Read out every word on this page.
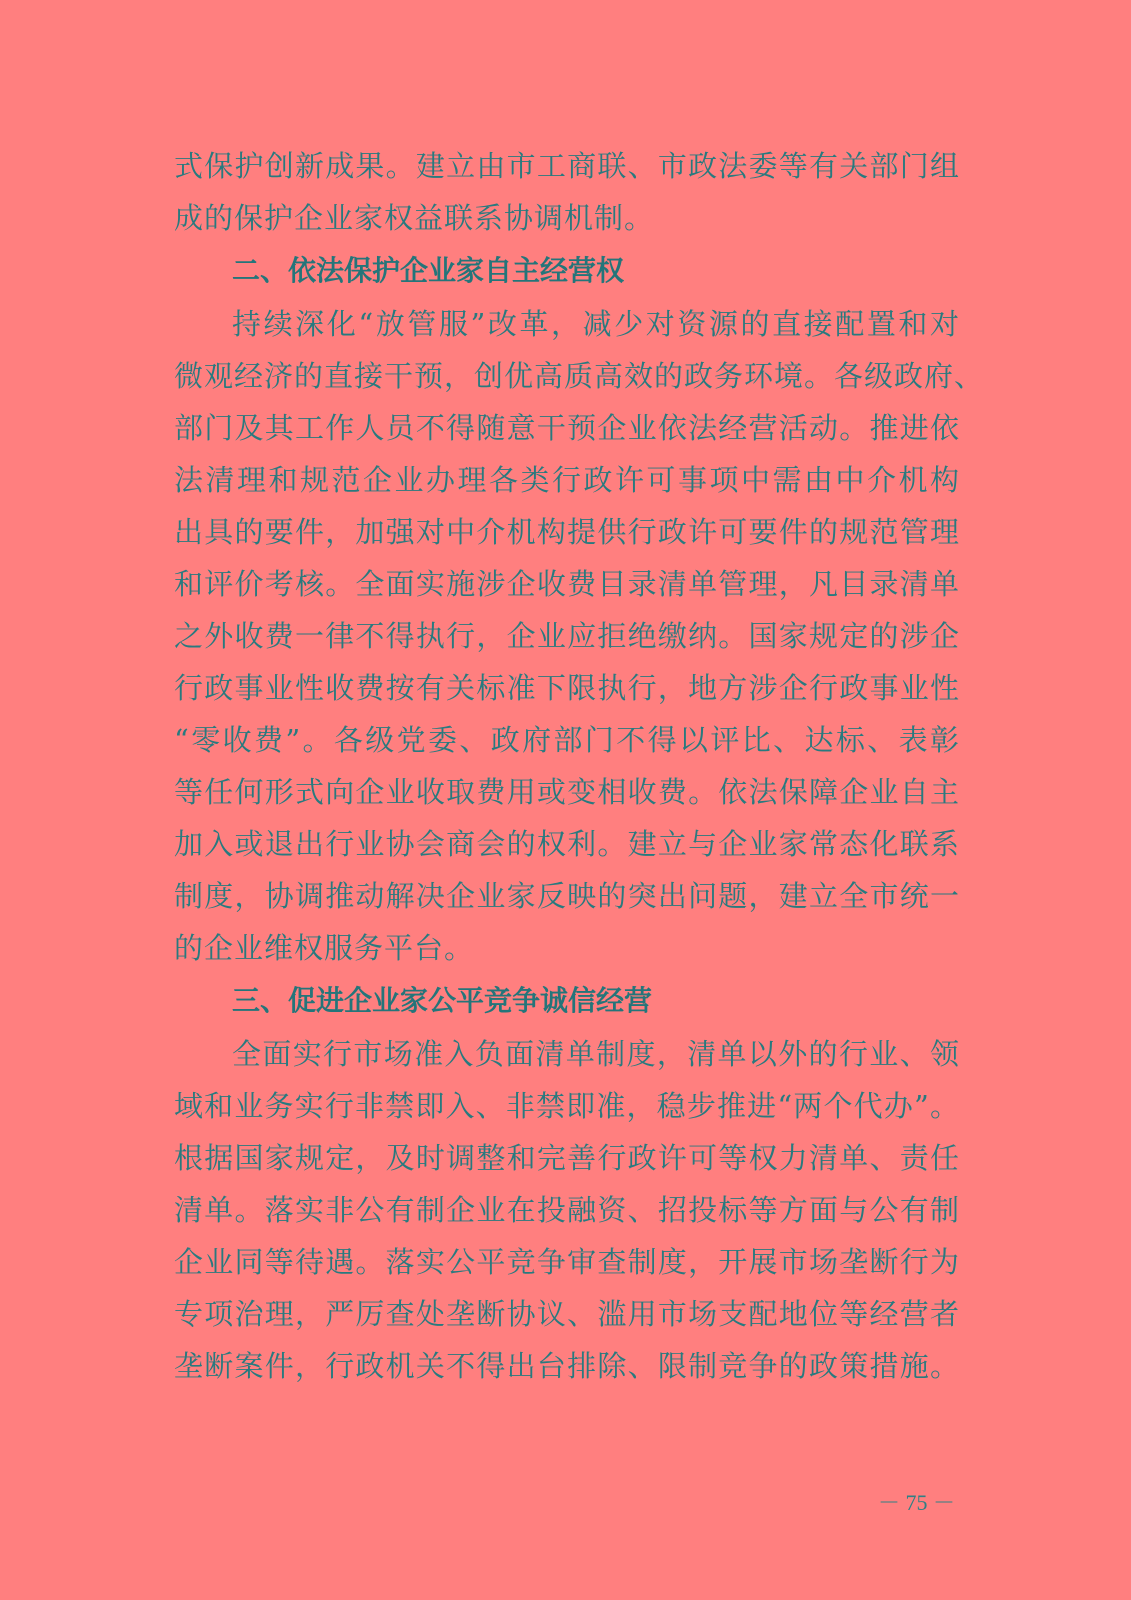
式保护创新成果。建立由市工商联、市政法委等有关部门组
成的保护企业家权益联系协调机制。
二、依法保护企业家自主经营权
持续深化“放管服”改革，减少对资源的直接配置和对
微观经济的直接干预，创优高质高效的政务环境。各级政府、
部门及其工作人员不得随意干预企业依法经营活动。推进依
法清理和规范企业办理各类行政许可事项中需由中介机构
出具的要件，加强对中介机构提供行政许可要件的规范管理
和评价考核。全面实施涉企收费目录清单管理，凡目录清单
之外收费一律不得执行，企业应拒绝缴纳。国家规定的涉企
行政事业性收费按有关标准下限执行，地方涉企行政事业性
“零收费”。各级党委、政府部门不得以评比、达标、表彰
等任何形式向企业收取费用或变相收费。依法保障企业自主
加入或退出行业协会商会的权利。建立与企业家常态化联系
制度，协调推动解决企业家反映的突出问题，建立全市统一
的企业维权服务平台。
三、促进企业家公平竞争诚信经营
全面实行市场准入负面清单制度，清单以外的行业、领
域和业务实行非禁即入、非禁即准，稳步推进“两个代办”。
根据国家规定，及时调整和完善行政许可等权力清单、责任
清单。落实非公有制企业在投融资、招投标等方面与公有制
企业同等待遇。落实公平竞争审查制度，开展市场垄断行为
专项治理，严厉查处垄断协议、滥用市场支配地位等经营者
垄断案件，行政机关不得出台排除、限制竞争的政策措施。
－ 75 －
